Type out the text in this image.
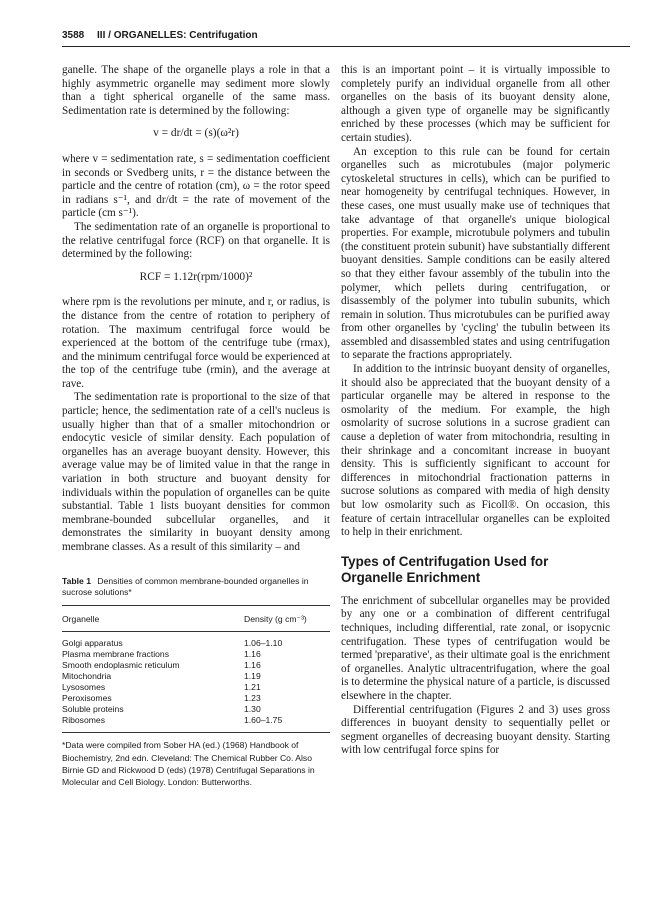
3588 III / ORGANELLES: Centrifugation

ganelle. The shape of the organelle plays a role in that a highly asymmetric organelle may sediment more slowly than a tight spherical organelle of the same mass. Sedimentation rate is determined by the following:

v = dr/dt = (s)(ω²r)

where v = sedimentation rate, s = sedimentation coefficient in seconds or Svedberg units, r = the distance between the particle and the centre of rotation (cm), ω = the rotor speed in radians s⁻¹, and dr/dt = the rate of movement of the particle (cm s⁻¹).

The sedimentation rate of an organelle is proportional to the relative centrifugal force (RCF) on that organelle. It is determined by the following:

RCF = 1.12r(rpm/1000)²

where rpm is the revolutions per minute, and r, or radius, is the distance from the centre of rotation to periphery of rotation. The maximum centrifugal force would be experienced at the bottom of the centrifuge tube (rmax), and the minimum centrifugal force would be experienced at the top of the centrifuge tube (rmin), and the average at rave.

The sedimentation rate is proportional to the size of that particle; hence, the sedimentation rate of a cell's nucleus is usually higher than that of a smaller mitochondrion or endocytic vesicle of similar density. Each population of organelles has an average buoyant density. However, this average value may be of limited value in that the range in variation in both structure and buoyant density for individuals within the population of organelles can be quite substantial. Table 1 lists buoyant densities for common membrane-bounded subcellular organelles, and it demonstrates the similarity in buoyant density among membrane classes. As a result of this similarity – and

Table 1 Densities of common membrane-bounded organelles in sucrose solutions*
Organelle	Density (g cm⁻³)
Golgi apparatus	1.06–1.10
Plasma membrane fractions	1.16
Smooth endoplasmic reticulum	1.16
Mitochondria	1.19
Lysosomes	1.21
Peroxisomes	1.23
Soluble proteins	1.30
Ribosomes	1.60–1.75
*Data were compiled from Sober HA (ed.) (1968) Handbook of Biochemistry, 2nd edn. Cleveland: The Chemical Rubber Co. Also Birnie GD and Rickwood D (eds) (1978) Centrifugal Separations in Molecular and Cell Biology. London: Butterworths.

this is an important point – it is virtually impossible to completely purify an individual organelle from all other organelles on the basis of its buoyant density alone, although a given type of organelle may be significantly enriched by these processes (which may be sufficient for certain studies).

An exception to this rule can be found for certain organelles such as microtubules (major polymeric cytoskeletal structures in cells), which can be purified to near homogeneity by centrifugal techniques. However, in these cases, one must usually make use of techniques that take advantage of that organelle's unique biological properties. For example, microtubule polymers and tubulin (the constituent protein subunit) have substantially different buoyant densities. Sample conditions can be easily altered so that they either favour assembly of the tubulin into the polymer, which pellets during centrifugation, or disassembly of the polymer into tubulin subunits, which remain in solution. Thus microtubules can be purified away from other organelles by 'cycling' the tubulin between its assembled and disassembled states and using centrifugation to separate the fractions appropriately.

In addition to the intrinsic buoyant density of organelles, it should also be appreciated that the buoyant density of a particular organelle may be altered in response to the osmolarity of the medium. For example, the high osmolarity of sucrose solutions in a sucrose gradient can cause a depletion of water from mitochondria, resulting in their shrinkage and a concomitant increase in buoyant density. This is sufficiently significant to account for differences in mitochondrial fractionation patterns in sucrose solutions as compared with media of high density but low osmolarity such as Ficoll®. On occasion, this feature of certain intracellular organelles can be exploited to help in their enrichment.

Types of Centrifugation Used for Organelle Enrichment

The enrichment of subcellular organelles may be provided by any one or a combination of different centrifugal techniques, including differential, rate zonal, or isopycnic centrifugation. These types of centrifugation would be termed 'preparative', as their ultimate goal is the enrichment of organelles. Analytic ultracentrifugation, where the goal is to determine the physical nature of a particle, is discussed elsewhere in the chapter.

Differential centrifugation (Figures 2 and 3) uses gross differences in buoyant density to sequentially pellet or segment organelles of decreasing buoyant density. Starting with low centrifugal force spins for
